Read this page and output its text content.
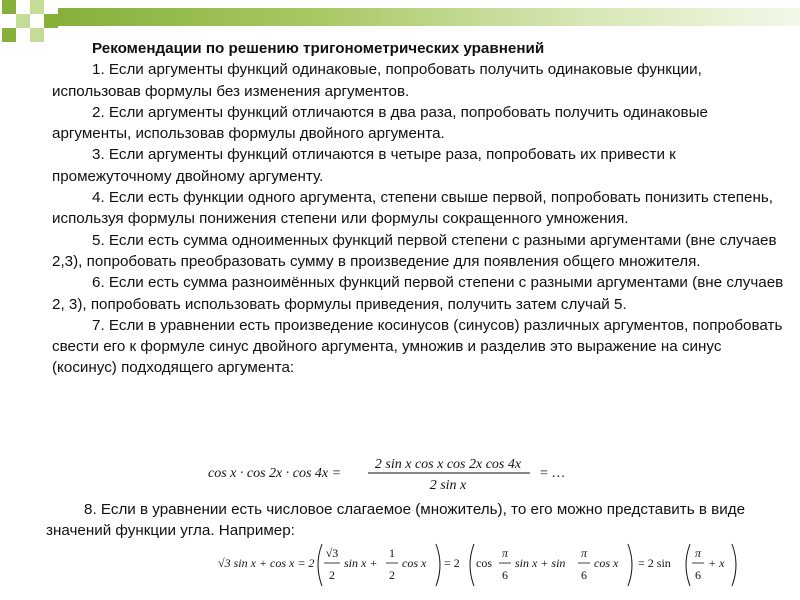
Рекомендации по решению тригонометрических уравнений

1. Если аргументы функций одинаковые, попробовать получить одинаковые функции, использовав формулы без изменения аргументов.

2. Если аргументы функций отличаются в два раза, попробовать получить одинаковые аргументы, использовав формулы двойного аргумента.

3. Если аргументы функций отличаются в четыре раза, попробовать их привести к промежуточному двойному аргументу.

4. Если есть функции одного аргумента, степени свыше первой, попробовать понизить степень, используя формулы понижения степени или формулы сокращенного умножения.

5. Если есть сумма одноименных функций первой степени с разными аргументами (вне случаев 2,3), попробовать преобразовать сумму в произведение для появления общего множителя.

6. Если есть сумма разноимённых функций первой степени с разными аргументами (вне случаев 2, 3), попробовать использовать формулы приведения, получить затем случай 5.

7. Если в уравнении есть произведение косинусов (синусов) различных аргументов, попробовать свести его к формуле синус двойного аргумента, умножив и разделив это выражение на синус (косинус) подходящего аргумента:

cos x · cos 2x · cos 4x =
2 sin x cos x cos 2x cos 4x
2 sin x
= …

8. Если в уравнении есть числовое слагаемое (множитель), то его можно представить в виде значений функции угла. Например:

√3 sin x + cos x = 2
√3
2
sin x +
1
2
cos x = 2 cos
π
6
sin x + sin
π
6
cos x = 2 sin
π
6
+ x
